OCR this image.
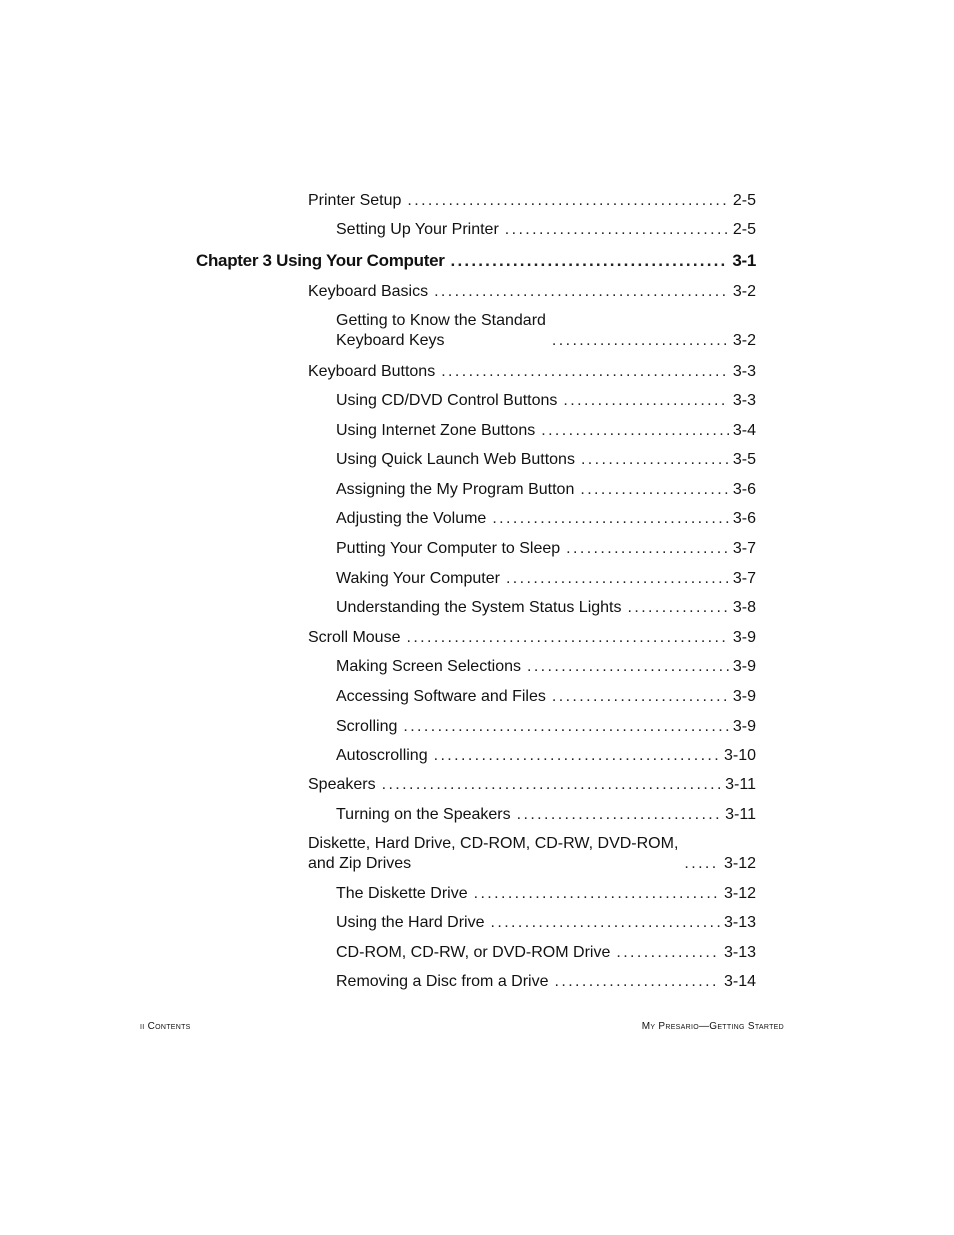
Printer Setup .....	2-5
Setting Up Your Printer .....	2-5
Chapter 3 Using Your Computer .....	3-1
Keyboard Basics .....	3-2
Getting to Know the Standard
Keyboard Keys .....	3-2
Keyboard Buttons .....	3-3
Using CD/DVD Control Buttons .....	3-3
Using Internet Zone Buttons .....	3-4
Using Quick Launch Web Buttons .....	3-5
Assigning the My Program Button .....	3-6
Adjusting the Volume .....	3-6
Putting Your Computer to Sleep .....	3-7
Waking Your Computer .....	3-7
Understanding the System Status Lights .....	3-8
Scroll Mouse .....	3-9
Making Screen Selections .....	3-9
Accessing Software and Files .....	3-9
Scrolling .....	3-9
Autoscrolling .....	3-10
Speakers .....	3-11
Turning on the Speakers .....	3-11
Diskette, Hard Drive, CD-ROM, CD-RW, DVD-ROM,
and Zip Drives .....	3-12
The Diskette Drive .....	3-12
Using the Hard Drive .....	3-13
CD-ROM, CD-RW, or DVD-ROM Drive .....	3-13
Removing a Disc from a Drive .....	3-14
ii Contents	My Presario—Getting Started
